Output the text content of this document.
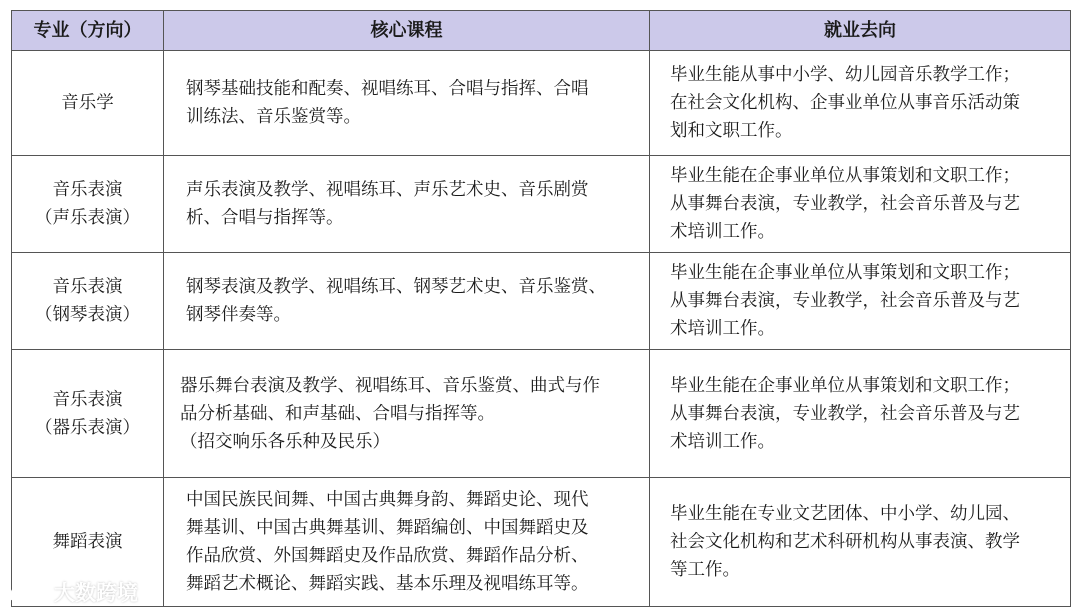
专业（方向）	核心课程	就业去向
音乐学
钢琴基础技能和配奏、视唱练耳、合唱与指挥、合唱
训练法、音乐鉴赏等。
毕业生能从事中小学、幼儿园音乐教学工作；
在社会文化机构、企事业单位从事音乐活动策
划和文职工作。
音乐表演
（声乐表演）
声乐表演及教学、视唱练耳、声乐艺术史、音乐剧赏
析、合唱与指挥等。
毕业生能在企事业单位从事策划和文职工作；
从事舞台表演，专业教学，社会音乐普及与艺
术培训工作。
音乐表演
（钢琴表演）
钢琴表演及教学、视唱练耳、钢琴艺术史、音乐鉴赏、
钢琴伴奏等。
毕业生能在企事业单位从事策划和文职工作；
从事舞台表演，专业教学，社会音乐普及与艺
术培训工作。
音乐表演
（器乐表演）
器乐舞台表演及教学、视唱练耳、音乐鉴赏、曲式与作
品分析基础、和声基础、合唱与指挥等。
（招交响乐各乐种及民乐）
毕业生能在企事业单位从事策划和文职工作；
从事舞台表演，专业教学，社会音乐普及与艺
术培训工作。
舞蹈表演
中国民族民间舞、中国古典舞身韵、舞蹈史论、现代
舞基训、中国古典舞基训、舞蹈编创、中国舞蹈史及
作品欣赏、外国舞蹈史及作品欣赏、舞蹈作品分析、
舞蹈艺术概论、舞蹈实践、基本乐理及视唱练耳等。
毕业生能在专业文艺团体、中小学、幼儿园、
社会文化机构和艺术科研机构从事表演、教学
等工作。
大数跨境
